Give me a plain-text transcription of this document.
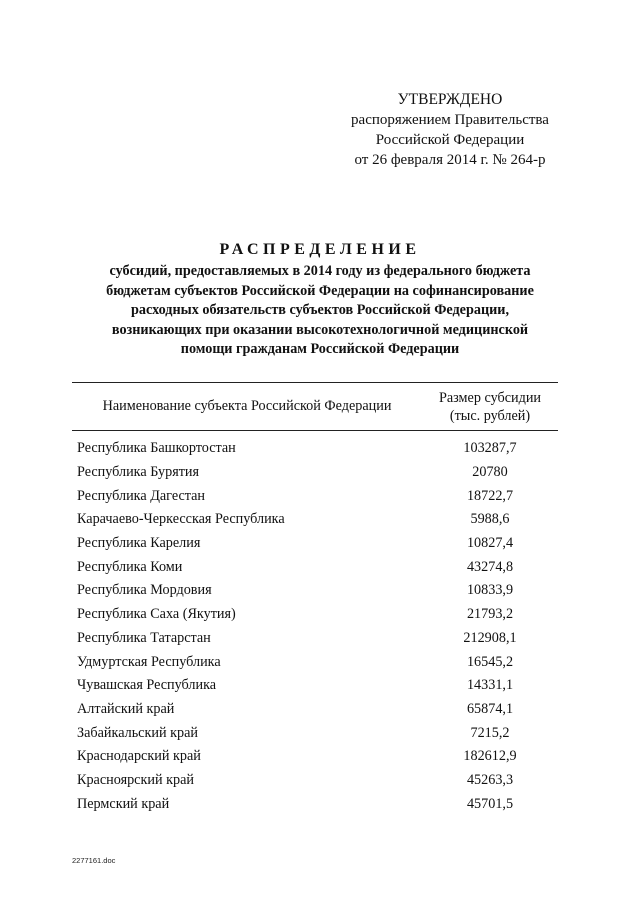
УТВЕРЖДЕНО
распоряжением Правительства
Российской Федерации
от 26 февраля 2014 г. № 264-р
РАСПРЕДЕЛЕНИЕ
субсидий, предоставляемых в 2014 году из федерального бюджета
бюджетам субъектов Российской Федерации на софинансирование
расходных обязательств субъектов Российской Федерации,
возникающих при оказании высокотехнологичной медицинской
помощи гражданам Российской Федерации
Наименование субъекта Российской Федерации	Размер субсидии
(тыс. рублей)

Республика Башкортостан	103287,7
Республика Бурятия	20780
Республика Дагестан	18722,7
Карачаево-Черкесская Республика	5988,6
Республика Карелия	10827,4
Республика Коми	43274,8
Республика Мордовия	10833,9
Республика Саха (Якутия)	21793,2
Республика Татарстан	212908,1
Удмуртская Республика	16545,2
Чувашская Республика	14331,1
Алтайский край	65874,1
Забайкальский край	7215,2
Краснодарский край	182612,9
Красноярский край	45263,3
Пермский край	45701,5
2277161.doc
